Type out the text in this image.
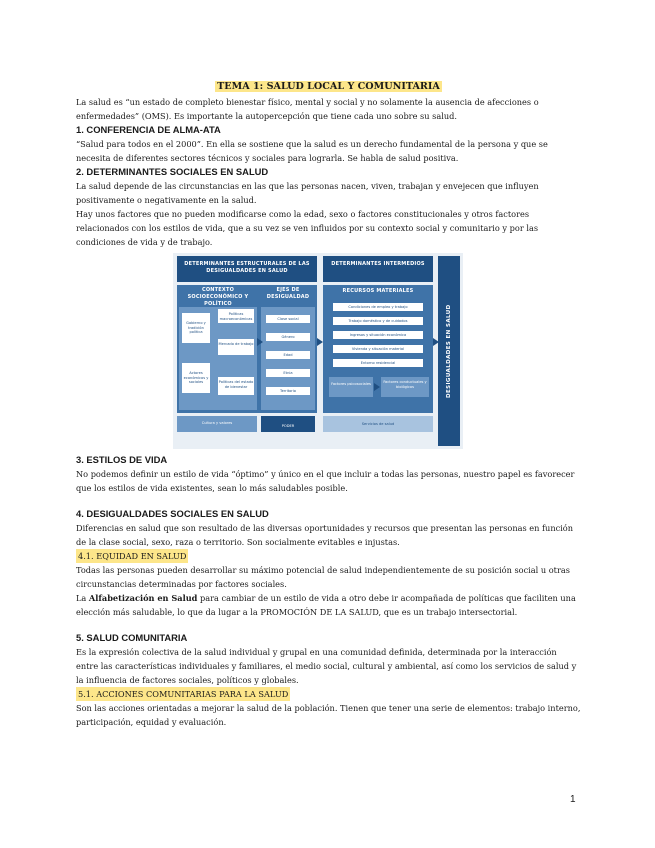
TEMA 1: SALUD LOCAL Y COMUNITARIA

La salud es “un estado de completo bienestar físico, mental y social y no solamente la ausencia de afecciones o enfermedades” (OMS). Es importante la autopercepción que tiene cada uno sobre su salud.

1. CONFERENCIA DE ALMA-ATA

“Salud para todos en el 2000”. En ella se sostiene que la salud es un derecho fundamental de la persona y que se necesita de diferentes sectores técnicos y sociales para lograrla. Se habla de salud positiva.

2. DETERMINANTES SOCIALES EN SALUD

La salud depende de las circunstancias en las que las personas nacen, viven, trabajan y envejecen que influyen positivamente o negativamente en la salud.

Hay unos factores que no pueden modificarse como la edad, sexo o factores constitucionales y otros factores relacionados con los estilos de vida, que a su vez se ven influidos por su contexto social y comunitario y por las condiciones de vida y de trabajo.

DETERMINANTES ESTRUCTURALES DE LAS DESIGUALDADES EN SALUD
DETERMINANTES INTERMEDIOS
DESIGUALDADES EN SALUD
CONTEXTO SOCIOECONÓMICO Y POLÍTICO
Gobierno y tradición política
Políticas macroeconómicas
Mercado de trabajo
Actores económicos y sociales	Políticas del estado de bienestar
EJES DE DESIGUALDAD
Clase social
Género
Edad
Etnia
Territorio
Cultura y valores
PODER
RECURSOS MATERIALES
Condiciones de empleo y trabajo
Trabajo doméstico y de cuidados
Ingresos y situación económica
Vivienda y situación material
Entorno residencial
Factores psicosociales	Factores conductuales y biológicos
Servicios de salud

3. ESTILOS DE VIDA

No podemos definir un estilo de vida “óptimo” y único en el que incluir a todas las personas, nuestro papel es favorecer que los estilos de vida existentes, sean lo más saludables posible.

4. DESIGUALDADES SOCIALES EN SALUD

Diferencias en salud que son resultado de las diversas oportunidades y recursos que presentan las personas en función de la clase social, sexo, raza o territorio. Son socialmente evitables e injustas.

4.1. EQUIDAD EN SALUD

Todas las personas pueden desarrollar su máximo potencial de salud independientemente de su posición social u otras circunstancias determinadas por factores sociales.

La Alfabetización en Salud para cambiar de un estilo de vida a otro debe ir acompañada de políticas que faciliten una elección más saludable, lo que da lugar a la PROMOCIÓN DE LA SALUD, que es un trabajo intersectorial.

5. SALUD COMUNITARIA

Es la expresión colectiva de la salud individual y grupal en una comunidad definida, determinada por la interacción entre las características individuales y familiares, el medio social, cultural y ambiental, así como los servicios de salud y la influencia de factores sociales, políticos y globales.

5.1. ACCIONES COMUNITARIAS PARA LA SALUD

Son las acciones orientadas a mejorar la salud de la población. Tienen que tener una serie de elementos: trabajo interno, participación, equidad y evaluación.

1
